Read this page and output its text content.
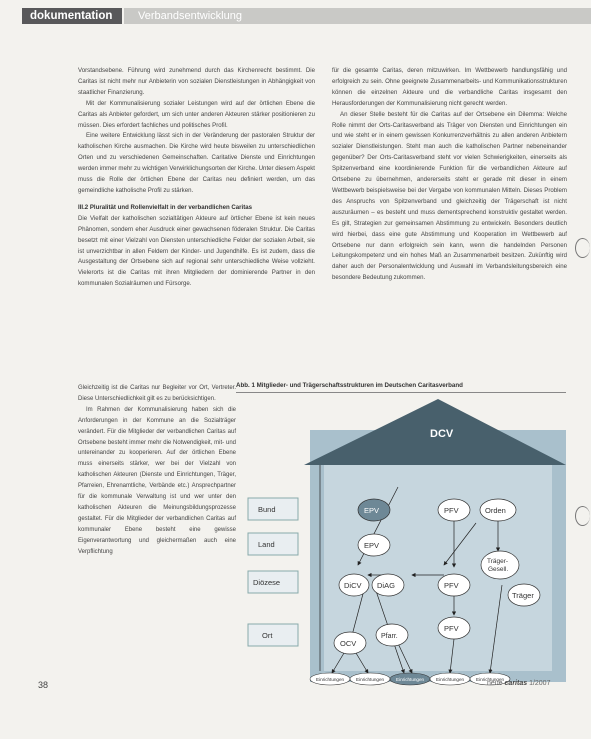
dokumentation Verbandsentwicklung

Vorstandsebene. Führung wird zunehmend durch das Kirchenrecht bestimmt. Die Caritas ist nicht mehr nur Anbieterin von sozialen Dienstleistungen in Abhängigkeit von staatlicher Finanzierung.

Mit der Kommunalisierung sozialer Leistungen wird auf der örtlichen Ebene die Caritas als Anbieter gefordert, um sich unter anderen Akteuren stärker positionieren zu müssen. Dies erfordert fachliches und politisches Profil.

Eine weitere Entwicklung lässt sich in der Veränderung der pastoralen Struktur der katholischen Kirche ausmachen. Die Kirche wird heute bisweilen zu unterschiedlichen Orten und zu verschiedenen Gemeinschaften. Caritative Dienste und Einrichtungen werden immer mehr zu wichtigen Verwirklichungsorten der Kirche. Unter diesem Aspekt muss die Rolle der örtlichen Ebene der Caritas neu definiert werden, um das gemeindliche katholische Profil zu stärken.

III.2 Pluralität und Rollenvielfalt in der verbandlichen Caritas

Die Vielfalt der katholischen sozialtätigen Akteure auf örtlicher Ebene ist kein neues Phänomen, sondern eher Ausdruck einer gewachsenen föderalen Struktur. Die Caritas besetzt mit einer Vielzahl von Diensten unterschiedliche Felder der sozialen Arbeit, sie ist unverzichtbar in allen Feldern der Kinder- und Jugendhilfe. Es ist zudem, dass die Ausgestaltung der Ortsebene sich auf regional sehr unterschiedliche Weise vollzieht. Vielerorts ist die Caritas mit ihren Mitgliedern der dominierende Partner in den kommunalen Sozialräumen und Fürsorge.

Gleichzeitig ist die Caritas nur Begleiter vor Ort, Vertreter. Diese Unterschiedlichkeit gilt es zu berücksichtigen.

Im Rahmen der Kommunalisierung haben sich die Anforderungen in der Kommune an die Sozialträger verändert. Für die Mitglieder der verbandlichen Caritas auf Ortsebene besteht immer mehr die Notwendigkeit, mit- und untereinander zu kooperieren. Auf der örtlichen Ebene muss einerseits stärker, wer bei der Vielzahl von katholischen Akteuren (Dienste und Einrichtungen, Träger, Pfarreien, Ehrenamtliche, Verbände etc.) Ansprechpartner für die kommunale Verwaltung ist und wer unter den katholischen Akteuren die Meinungsbildungsprozesse gestaltet. Für die Mitglieder der verbandlichen Caritas auf kommunaler Ebene besteht eine gewisse Eigenverantwortung und gleichermaßen auch eine Verpflichtung

für die gesamte Caritas, deren mitzuwirken. Im Wettbewerb handlungsfähig und erfolgreich zu sein. Ohne geeignete Zusammenarbeits- und Kommunikationsstrukturen können die einzelnen Akteure und die verbandliche Caritas insgesamt den Herausforderungen der Kommunalisierung nicht gerecht werden.

An dieser Stelle besteht für die Caritas auf der Ortsebene ein Dilemma: Welche Rolle nimmt der Orts-Caritasverband als Träger von Diensten und Einrichtungen ein und wie steht er in einem gewissen Konkurrenzverhältnis zu allen anderen Anbietern sozialer Dienstleistungen. Steht man auch die katholischen Partner nebeneinander gegenüber? Der Orts-Caritasverband steht vor vielen Schwierigkeiten, einerseits als Spitzenverband eine koordinierende Funktion für die verbandlichen Akteure auf Ortsebene zu übernehmen, andererseits steht er gerade mit dieser in einem Wettbewerb beispielsweise bei der Vergabe von kommunalen Mitteln. Dieses Problem des Anspruchs von Spitzenverband und gleichzeitig der Trägerschaft ist nicht auszuräumen – es besteht und muss dementsprechend konstruktiv gestaltet werden. Es gilt, Strategien zur gemeinsamen Abstimmung zu entwickeln. Besonders deutlich wird hierbei, dass eine gute Abstimmung und Kooperation im Wettbewerb auf Ortsebene nur dann erfolgreich sein kann, wenn die handelnden Personen Leitungskompetenz und ein hohes Maß an Zusammenarbeit besitzen. Zukünftig wird daher auch der Personalentwicklung und Auswahl im Verbandsleitungsbereich eine besondere Bedeutung zukommen.

Abb. 1 Mitglieder- und Trägerschaftsstrukturen im Deutschen Caritasverband
DCV
Bund
Land
Diözese
Ort
EPV	PFV	Orden
EPV
Träger-
Gesell.
DiCV DiAG	PFV
Träger
OCV
Pfarr.
PFV
Einrichtungen	Einrichtungen	Einrichtungen	Einrichtungen	Einrichtungen
38	neue caritas 1/2007
